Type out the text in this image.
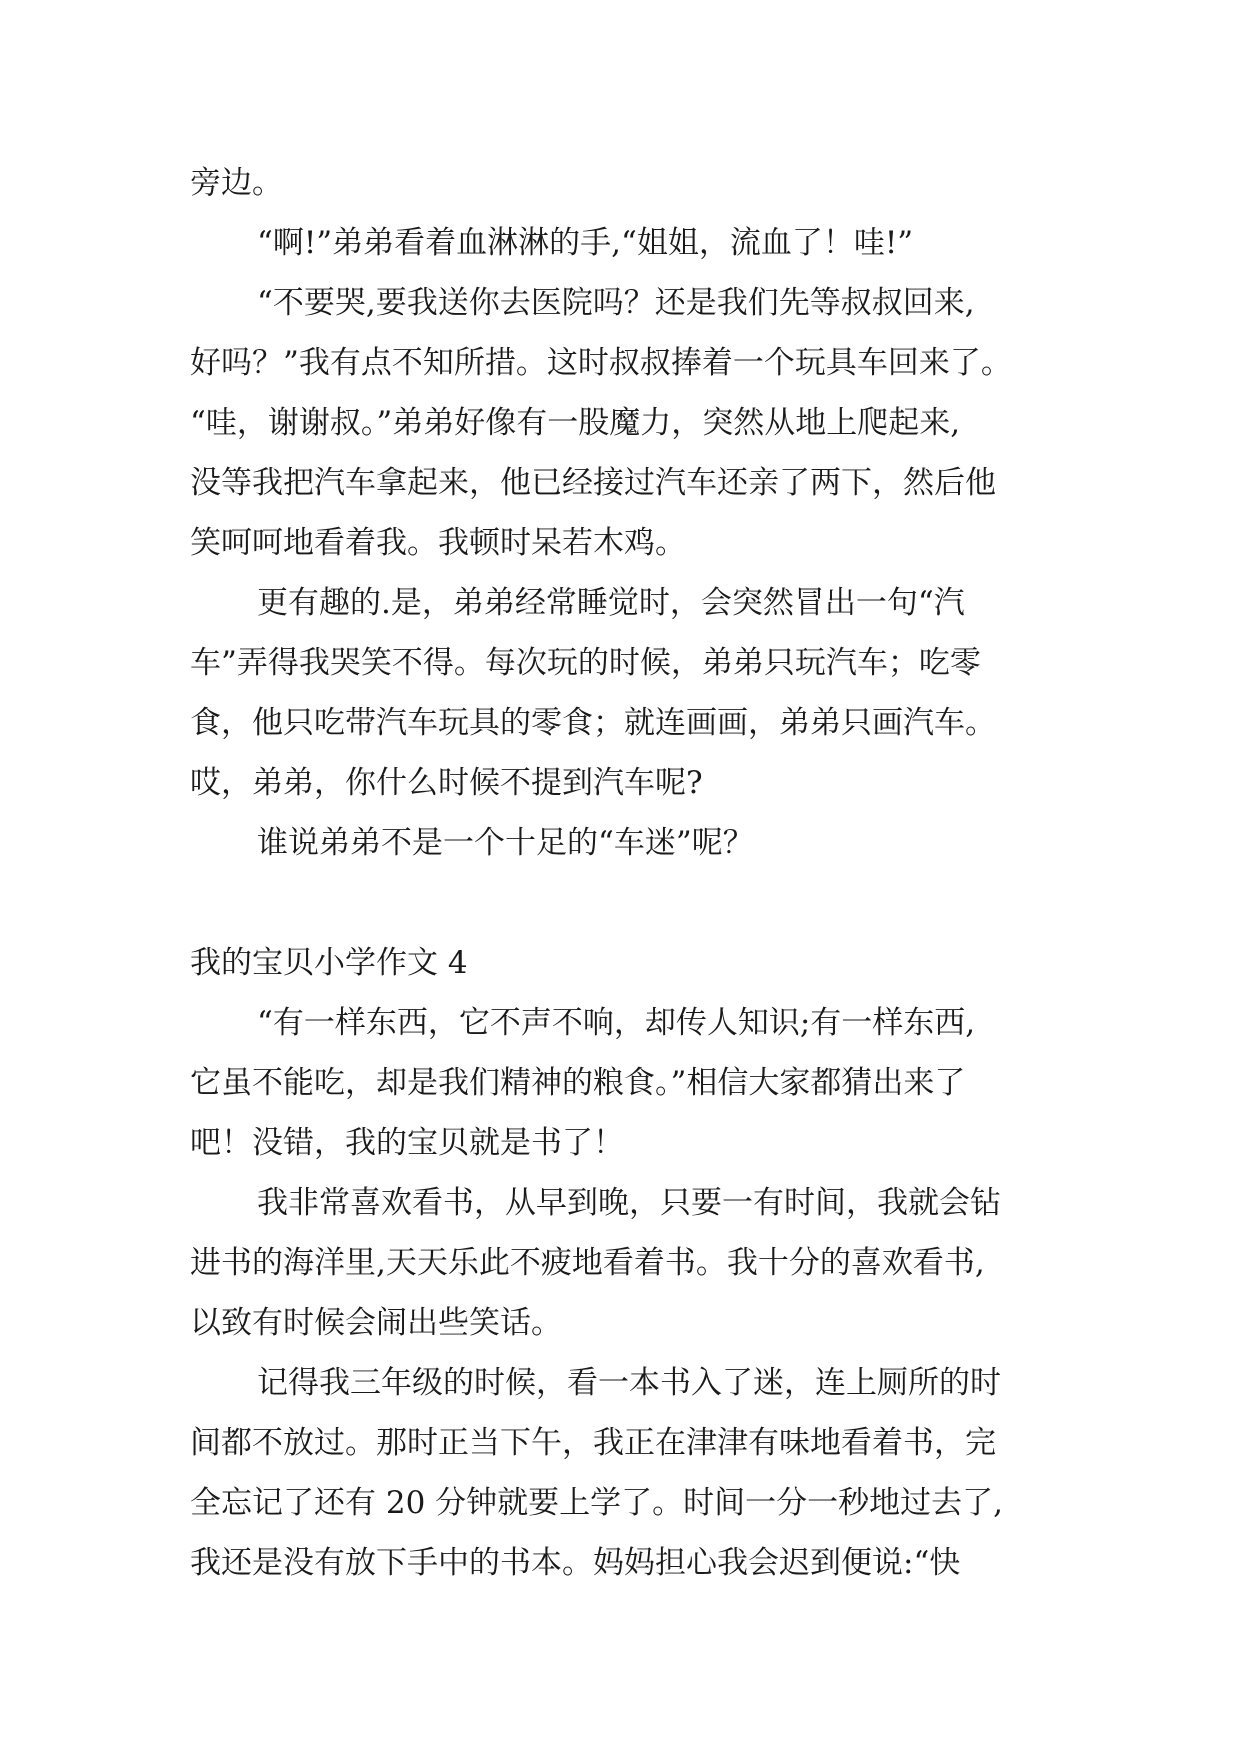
旁边。

“啊!”弟弟看着血淋淋的手,“姐姐，流血了！哇!”

“不要哭,要我送你去医院吗？还是我们先等叔叔回来,

好吗？”我有点不知所措。这时叔叔捧着一个玩具车回来了。

“哇，谢谢叔。”弟弟好像有一股魔力，突然从地上爬起来,

没等我把汽车拿起来，他已经接过汽车还亲了两下，然后他

笑呵呵地看着我。我顿时呆若木鸡。

更有趣的.是，弟弟经常睡觉时，会突然冒出一句“汽

车”弄得我哭笑不得。每次玩的时候，弟弟只玩汽车；吃零

食，他只吃带汽车玩具的零食；就连画画，弟弟只画汽车。

哎，弟弟，你什么时候不提到汽车呢?

谁说弟弟不是一个十足的“车迷”呢？

我的宝贝小学作文 4

“有一样东西，它不声不响，却传人知识;有一样东西,

它虽不能吃，却是我们精神的粮食。”相信大家都猜出来了

吧！没错，我的宝贝就是书了！

我非常喜欢看书，从早到晚，只要一有时间，我就会钻

进书的海洋里,天天乐此不疲地看着书。我十分的喜欢看书,

以致有时候会闹出些笑话。

记得我三年级的时候，看一本书入了迷，连上厕所的时

间都不放过。那时正当下午，我正在津津有味地看着书，完

全忘记了还有 20 分钟就要上学了。时间一分一秒地过去了,

我还是没有放下手中的书本。妈妈担心我会迟到便说:“快
